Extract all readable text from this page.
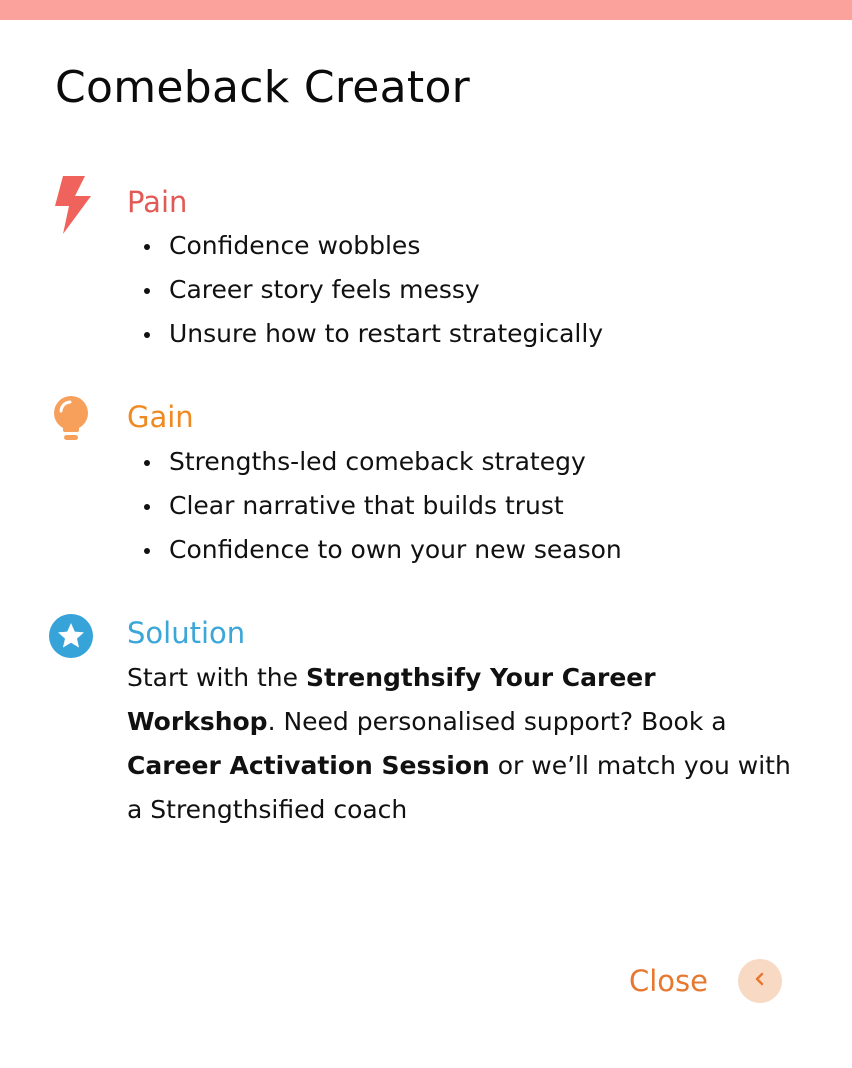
Comeback Creator
Pain
Confidence wobbles
Career story feels messy
Unsure how to restart strategically
Gain
Strengths-led comeback strategy
Clear narrative that builds trust
Confidence to own your new season
Solution

Start with the Strengthsify Your Career Workshop. Need personalised support? Book a Career Activation Session or we’ll match you with a Strengthsified coach

Close
